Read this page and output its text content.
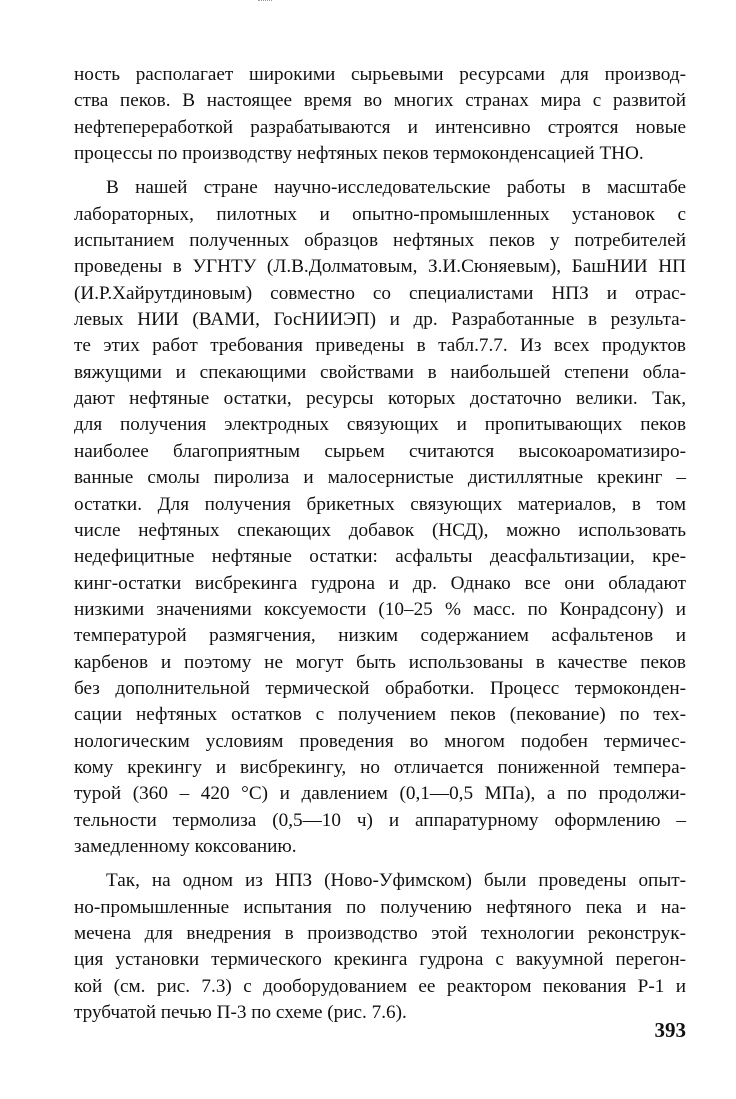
ность располагает широкими сырьевыми ресурсами для производ-
ства пеков. В настоящее время во многих странах мира с развитой
нефтепереработкой разрабатываются и интенсивно строятся новые
процессы по производству нефтяных пеков термоконденсацией ТНО.
В нашей стране научно-исследовательские работы в масштабе
лабораторных, пилотных и опытно-промышленных установок с
испытанием полученных образцов нефтяных пеков у потребителей
проведены в УГНТУ (Л.В.Долматовым, З.И.Сюняевым), БашНИИ НП
(И.Р.Хайрутдиновым) совместно со специалистами НПЗ и отрас-
левых НИИ (ВАМИ, ГосНИИЭП) и др. Разработанные в результа-
те этих работ требования приведены в табл.7.7. Из всех продуктов
вяжущими и спекающими свойствами в наибольшей степени обла-
дают нефтяные остатки, ресурсы которых достаточно велики. Так,
для получения электродных связующих и пропитывающих пеков
наиболее благоприятным сырьем считаются высокоароматизиро-
ванные смолы пиролиза и малосернистые дистиллятные крекинг –
остатки. Для получения брикетных связующих материалов, в том
числе нефтяных спекающих добавок (НСД), можно использовать
недефицитные нефтяные остатки: асфальты деасфальтизации, кре-
кинг-остатки висбрекинга гудрона и др. Однако все они обладают
низкими значениями коксуемости (10–25 % масс. по Конрадсону) и
температурой размягчения, низким содержанием асфальтенов и
карбенов и поэтому не могут быть использованы в качестве пеков
без дополнительной термической обработки. Процесс термоконден-
сации нефтяных остатков с получением пеков (пекование) по тех-
нологическим условиям проведения во многом подобен термичес-
кому крекингу и висбрекингу, но отличается пониженной темпера-
турой (360 – 420 °С) и давлением (0,1—0,5 МПа), а по продолжи-
тельности термолиза (0,5—10 ч) и аппаратурному оформлению –
замедленному коксованию.
Так, на одном из НПЗ (Ново-Уфимском) были проведены опыт-
но-промышленные испытания по получению нефтяного пека и на-
мечена для внедрения в производство этой технологии реконструк-
ция установки термического крекинга гудрона с вакуумной перегон-
кой (см. рис. 7.3) с дооборудованием ее реактором пекования Р-1 и
трубчатой печью П-3 по схеме (рис. 7.6).
393
